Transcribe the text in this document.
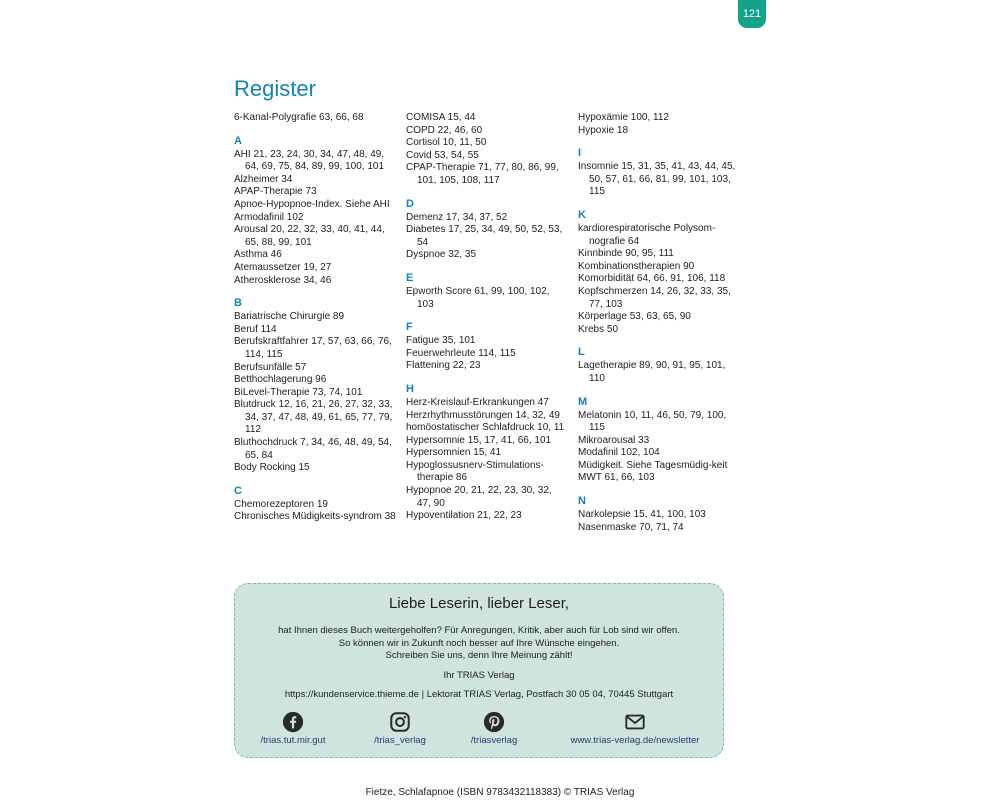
121
Register
6-Kanal-Polygrafie 63, 66, 68
A
AHI 21, 23, 24, 30, 34, 47, 48, 49, 64, 69, 75, 84, 89, 99, 100, 101
Alzheimer 34
APAP-Therapie 73
Apnoe-Hypopnoe-Index. Siehe AHI
Armodafinil 102
Arousal 20, 22, 32, 33, 40, 41, 44, 65, 88, 99, 101
Asthma 46
Atemaussetzer 19, 27
Atherosklerose 34, 46
B
Bariatrische Chirurgie 89
Beruf 114
Berufskraftfahrer 17, 57, 63, 66, 76, 114, 115
Berufsunfälle 57
Betthochlagerung 96
BiLevel-Therapie 73, 74, 101
Blutdruck 12, 16, 21, 26, 27, 32, 33, 34, 37, 47, 48, 49, 61, 65, 77, 79, 112
Bluthochdruck 7, 34, 46, 48, 49, 54, 65, 84
Body Rocking 15
C
Chemorezeptoren 19
Chronisches Müdigkeits-syndrom 38
COMISA 15, 44
COPD 22, 46, 60
Cortisol 10, 11, 50
Covid 53, 54, 55
CPAP-Therapie 71, 77, 80, 86, 99, 101, 105, 108, 117
D
Demenz 17, 34, 37, 52
Diabetes 17, 25, 34, 49, 50, 52, 53, 54
Dyspnoe 32, 35
E
Epworth Score 61, 99, 100, 102, 103
F
Fatigue 35, 101
Feuerwehrleute 114, 115
Flattening 22, 23
H
Herz-Kreislauf-Erkrankungen 47
Herzrhythmusstörungen 14, 32, 49
homöostatischer Schlafdruck 10, 11
Hypersomnie 15, 17, 41, 66, 101
Hypersomnien 15, 41
Hypoglossusnerv-Stimulations-therapie 86
Hypopnoe 20, 21, 22, 23, 30, 32, 47, 90
Hypoventilation 21, 22, 23
Hypoxämie 100, 112
Hypoxie 18
I
Insomnie 15, 31, 35, 41, 43, 44, 45, 50, 57, 61, 66, 81, 99, 101, 103, 115
K
kardiorespiratorische Polysom-nografie 64
Kinnbinde 90, 95, 111
Kombinationstherapien 90
Komorbidität 64, 66, 91, 106, 118
Kopfschmerzen 14, 26, 32, 33, 35, 77, 103
Körperlage 53, 63, 65, 90
Krebs 50
L
Lagetherapie 89, 90, 91, 95, 101, 110
M
Melatonin 10, 11, 46, 50, 79, 100, 115
Mikroarousal 33
Modafinil 102, 104
Müdigkeit. Siehe Tagesmüdig-keit
MWT 61, 66, 103
N
Narkolepsie 15, 41, 100, 103
Nasenmaske 70, 71, 74
Liebe Leserin, lieber Leser,
hat Ihnen dieses Buch weitergeholfen? Für Anregungen, Kritik, aber auch für Lob sind wir offen.
So können wir in Zukunft noch besser auf Ihre Wünsche eingehen.
Schreiben Sie uns, denn Ihre Meinung zählt!
Ihr TRIAS Verlag
https://kundenservice.thieme.de | Lektorat TRIAS Verlag, Postfach 30 05 04, 70445 Stuttgart
/trias.tut.mir.gut	/trias_verlag	/triasverlag	www.trias-verlag.de/newsletter
Fietze, Schlafapnoe (ISBN 9783432118383) © TRIAS Verlag
